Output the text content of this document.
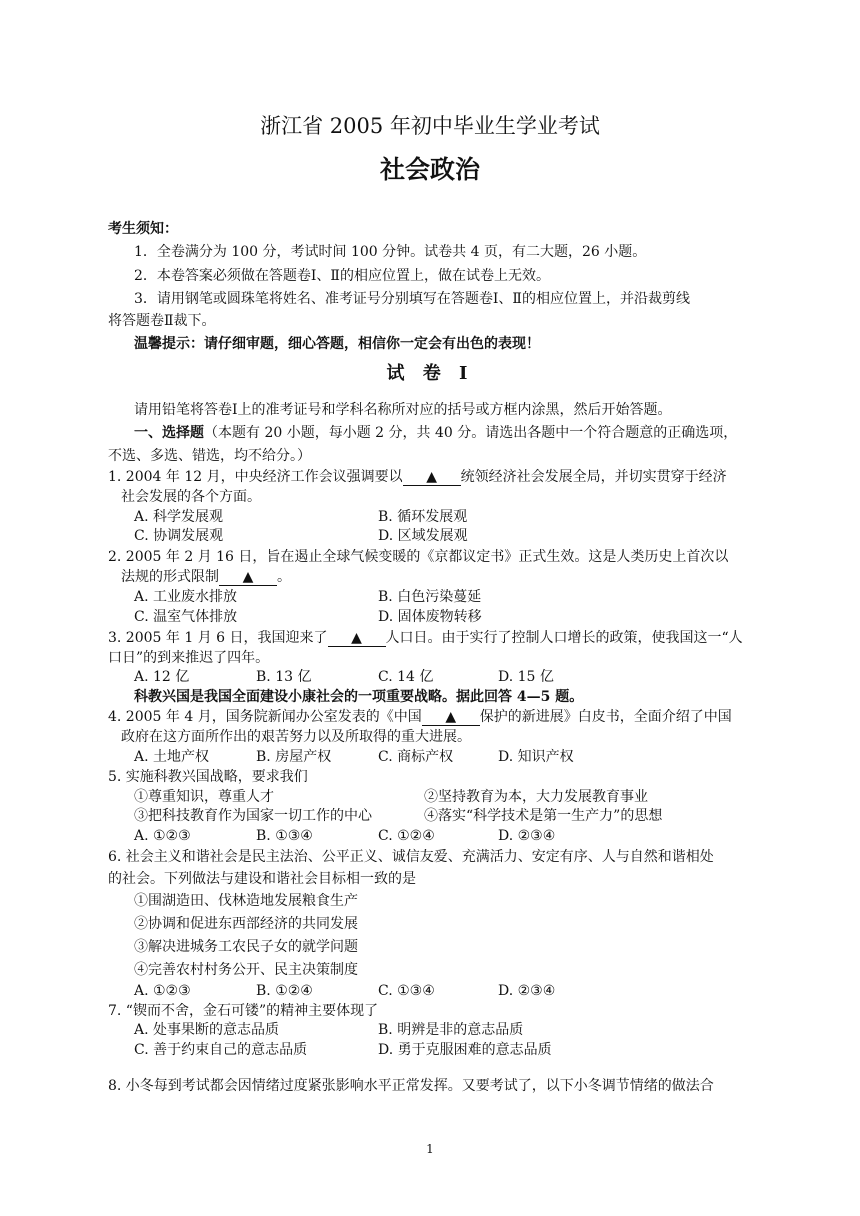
浙江省 2005 年初中毕业生学业考试
社会政治
考生须知：
1．全卷满分为 100 分，考试时间 100 分钟。试卷共 4 页，有二大题，26 小题。
2．本卷答案必须做在答题卷Ⅰ、Ⅱ的相应位置上，做在试卷上无效。
3．请用钢笔或圆珠笔将姓名、准考证号分别填写在答题卷Ⅰ、Ⅱ的相应位置上，并沿裁剪线
将答题卷Ⅱ裁下。
温馨提示：请仔细审题，细心答题，相信你一定会有出色的表现！
试 卷 Ⅰ
请用铅笔将答卷Ⅰ上的准考证号和学科名称所对应的括号或方框内涂黑，然后开始答题。
一、选择题（本题有 20 小题，每小题 2 分，共 40 分。请选出各题中一个符合题意的正确选项，
不选、多选、错选，均不给分。）
1. 2004 年 12 月，中央经济工作会议强调要以 ▲ 统领经济社会发展全局，并切实贯穿于经济
社会发展的各个方面。
A. 科学发展观	B. 循环发展观
C. 协调发展观	D. 区域发展观
2. 2005 年 2 月 16 日，旨在遏止全球气候变暖的《京都议定书》正式生效。这是人类历史上首次以
法规的形式限制 ▲ 。
A. 工业废水排放	B. 白色污染蔓延
C. 温室气体排放	D. 固体废物转移
3. 2005 年 1 月 6 日，我国迎来了 ▲ 人口日。由于实行了控制人口增长的政策，使我国这一“人
口日”的到来推迟了四年。
A. 12 亿	B. 13 亿	C. 14 亿	D. 15 亿
科教兴国是我国全面建设小康社会的一项重要战略。据此回答 4—5 题。
4. 2005 年 4 月，国务院新闻办公室发表的《中国 ▲ 保护的新进展》白皮书，全面介绍了中国
政府在这方面所作出的艰苦努力以及所取得的重大进展。
A. 土地产权	B. 房屋产权	C. 商标产权	D. 知识产权
5. 实施科教兴国战略，要求我们
①尊重知识，尊重人才	②坚持教育为本，大力发展教育事业
③把科技教育作为国家一切工作的中心	④落实“科学技术是第一生产力”的思想
A. ①②③	B. ①③④	C. ①②④	D. ②③④
6. 社会主义和谐社会是民主法治、公平正义、诚信友爱、充满活力、安定有序、人与自然和谐相处
的社会。下列做法与建设和谐社会目标相一致的是
①围湖造田、伐林造地发展粮食生产
②协调和促进东西部经济的共同发展
③解决进城务工农民子女的就学问题
④完善农村村务公开、民主决策制度
A. ①②③	B. ①②④	C. ①③④	D. ②③④
7. “锲而不舍，金石可镂”的精神主要体现了
A. 处事果断的意志品质	B. 明辨是非的意志品质
C. 善于约束自己的意志品质	D. 勇于克服困难的意志品质
8. 小冬每到考试都会因情绪过度紧张影响水平正常发挥。又要考试了，以下小冬调节情绪的做法合
1
